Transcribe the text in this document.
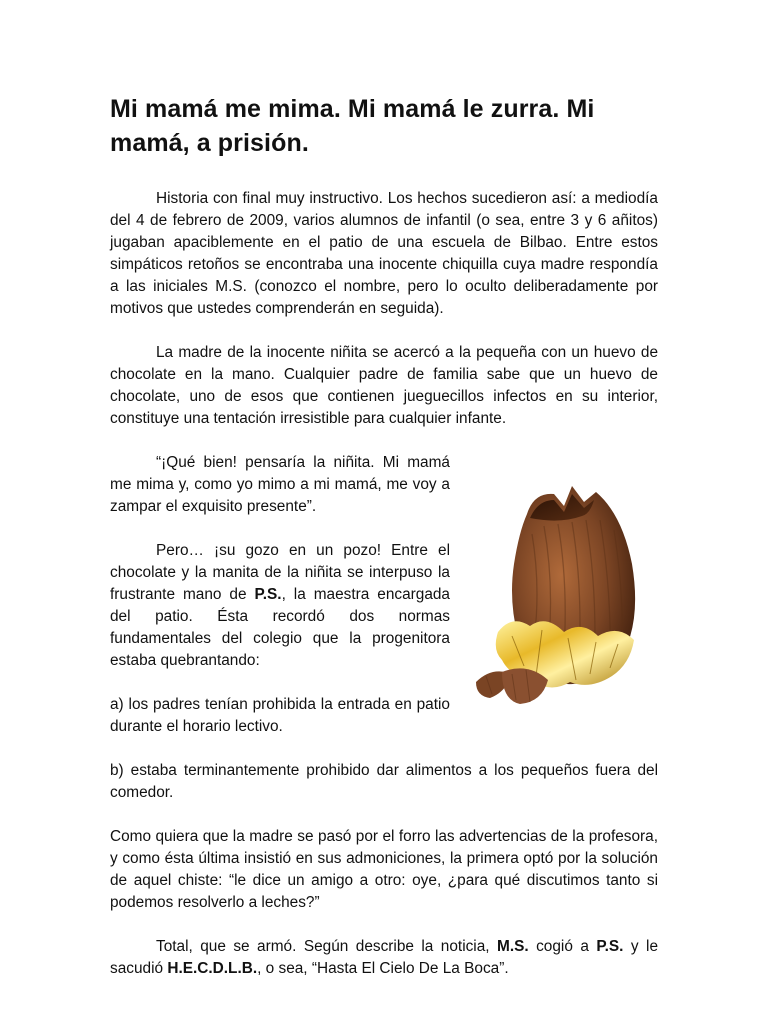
Mi mamá me mima. Mi mamá le zurra. Mi mamá, a prisión.

Historia con final muy instructivo. Los hechos sucedieron así: a mediodía del 4 de febrero de 2009, varios alumnos de infantil (o sea, entre 3 y 6 añitos) jugaban apaciblemente en el patio de una escuela de Bilbao. Entre estos simpáticos retoños se encontraba una inocente chiquilla cuya madre respondía a las iniciales M.S. (conozco el nombre, pero lo oculto deliberadamente por motivos que ustedes comprenderán en seguida).

La madre de la inocente niñita se acercó a la pequeña con un huevo de chocolate en la mano. Cualquier padre de familia sabe que un huevo de chocolate, uno de esos que contienen jueguecillos infectos en su interior, constituye una tentación irresistible para cualquier infante.

“¡Qué bien! pensaría la niñita. Mi mamá me mima y, como yo mimo a mi mamá, me voy a zampar el exquisito presente”.

Pero… ¡su gozo en un pozo! Entre el chocolate y la manita de la niñita se interpuso la frustrante mano de P.S., la maestra encargada del patio. Ésta recordó dos normas fundamentales del colegio que la progenitora estaba quebrantando:

a) los padres tenían prohibida la entrada en patio durante el horario lectivo.

b) estaba terminantemente prohibido dar alimentos a los pequeños fuera del comedor.

Como quiera que la madre se pasó por el forro las advertencias de la profesora, y como ésta última insistió en sus admoniciones, la primera optó por la solución de aquel chiste: “le dice un amigo a otro: oye, ¿para qué discutimos tanto si podemos resolverlo a leches?”

Total, que se armó. Según describe la noticia, M.S. cogió a P.S. y le sacudió H.E.C.D.L.B., o sea, “Hasta El Cielo De La Boca”.
